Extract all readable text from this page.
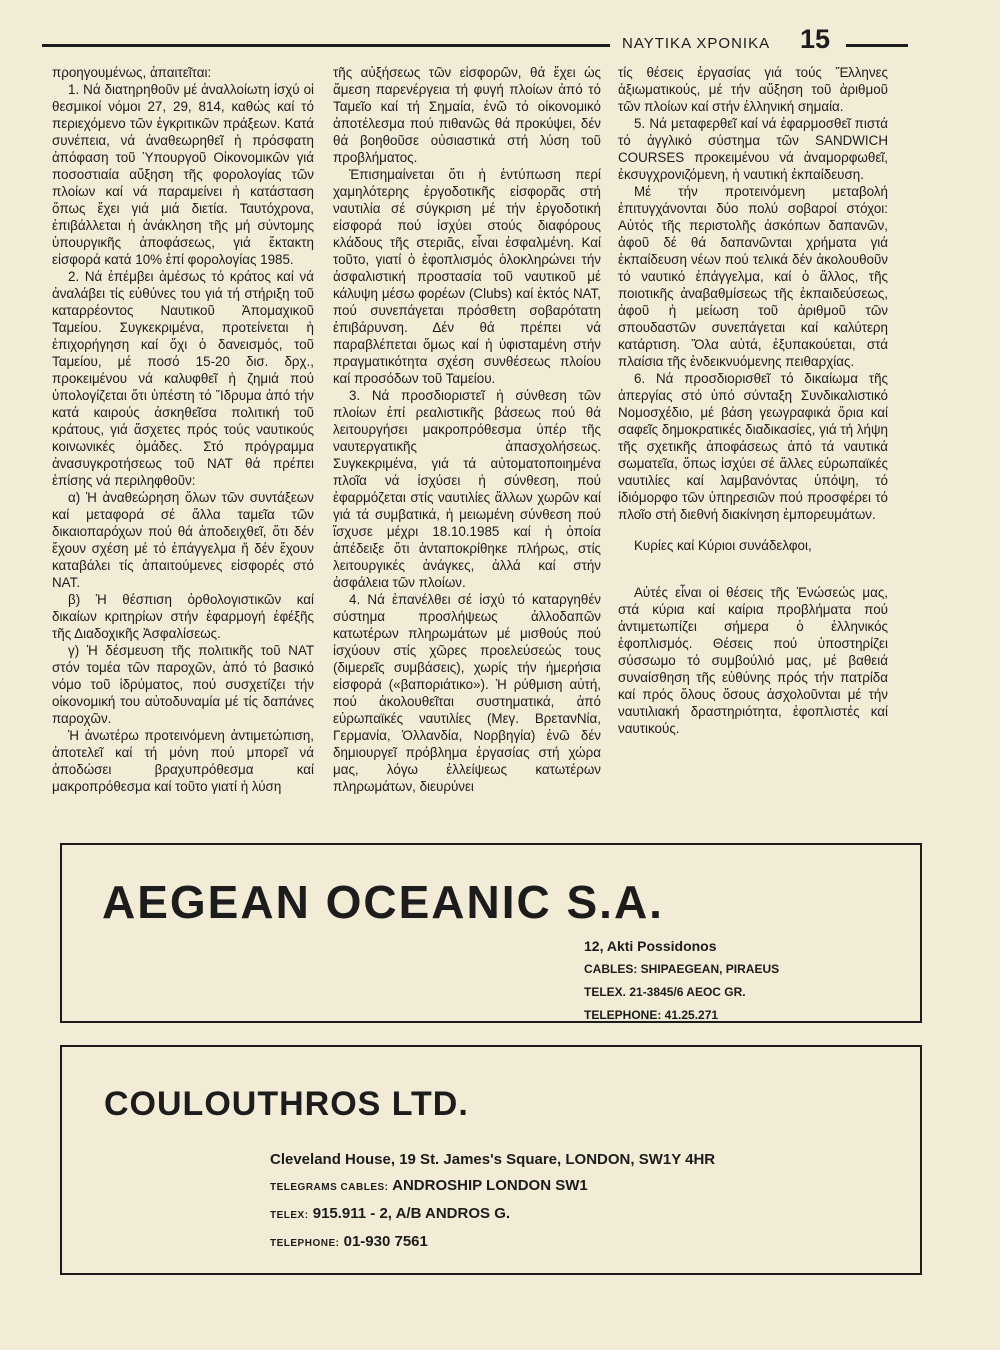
ΝΑΥΤΙΚΑ ΧΡΟΝΙΚΑ 15

προηγουμένως, ἀπαιτεῖται:

1. Νά διατηρηθοῦν μέ ἀναλλοίωτη ἰσχύ οἱ θεσμικοί νόμοι 27, 29, 814, καθώς καί τό περιεχόμενο τῶν ἐγκριτικῶν πράξεων. Κατά συνέπεια, νά ἀναθεωρηθεῖ ἡ πρόσφατη ἀπόφαση τοῦ Ὑπουργοῦ Οἰκονομικῶν γιά ποσοστιαία αὔξηση τῆς φορολογίας τῶν πλοίων καί νά παραμείνει ἡ κατάσταση ὅπως ἔχει γιά μιά διετία. Ταυτόχρονα, ἐπιβάλλεται ἡ ἀνάκληση τῆς μή σύντομης ὑπουργικῆς ἀποφάσεως, γιά ἔκτακτη εἰσφορά κατά 10% ἐπί φορολογίας 1985.

2. Νά ἐπέμβει ἀμέσως τό κράτος καί νά ἀναλάβει τίς εὐθύνες του γιά τή στήριξη τοῦ καταρρέοντος Ναυτικοῦ Ἀπομαχικοῦ Ταμείου. Συγκεκριμένα, προτείνεται ἡ ἐπιχορήγηση καί ὄχι ὁ δανεισμός, τοῦ Ταμείου, μέ ποσό 15-20 δισ. δρχ., προκειμένου νά καλυφθεῖ ἡ ζημιά πού ὑπολογίζεται ὅτι ὑπέστη τό Ἵδρυμα ἀπό τήν κατά καιρούς ἀσκηθεῖσα πολιτική τοῦ κράτους, γιά ἄσχετες πρός τούς ναυτικούς κοινωνικές ὁμάδες. Στό πρόγραμμα ἀνασυγκροτήσεως τοῦ ΝΑΤ θά πρέπει ἐπίσης νά περιληφθοῦν:

α) Ἡ ἀναθεώρηση ὅλων τῶν συντάξεων καί μεταφορά σέ ἄλλα ταμεῖα τῶν δικαιοπαρόχων πού θά ἀποδειχθεῖ, ὅτι δέν ἔχουν σχέση μέ τό ἐπάγγελμα ἤ δέν ἔχουν καταβάλει τίς ἀπαιτούμενες εἰσφορές στό ΝΑΤ.

β) Ἡ θέσπιση ὀρθολογιστικῶν καί δικαίων κριτηρίων στήν ἐφαρμογή ἐφέξῆς τῆς Διαδοχικῆς Ἀσφαλίσεως.

γ) Ἡ δέσμευση τῆς πολιτικῆς τοῦ ΝΑΤ στόν τομέα τῶν παροχῶν, ἀπό τό βασικό νόμο τοῦ ἱδρύματος, πού συσχετίζει τήν οἰκονομική του αὐτοδυναμία μέ τίς δαπάνες παροχῶν.

Ἡ ἀνωτέρω προτεινόμενη ἀντιμετώπιση, ἀποτελεῖ καί τή μόνη πού μπορεῖ νά ἀποδώσει βραχυπρόθεσμα καί μακροπρόθεσμα καί τοῦτο γιατί ἡ λύση

τῆς αὐξήσεως τῶν εἰσφορῶν, θά ἔχει ὡς ἄμεση παρενέργεια τή φυγή πλοίων ἀπό τό Ταμεῖο καί τή Σημαία, ἐνῶ τό οἰκονομικό ἀποτέλεσμα πού πιθανῶς θά προκύψει, δέν θά βοηθοῦσε οὐσιαστικά στή λύση τοῦ προβλήματος.

Ἐπισημαίνεται ὅτι ἡ ἐντύπωση περί χαμηλότερης ἐργοδοτικῆς εἰσφορᾶς στή ναυτιλία σέ σύγκριση μέ τήν ἐργοδοτική εἰσφορά πού ἰσχύει στούς διαφόρους κλάδους τῆς στεριᾶς, εἶναι ἐσφαλμένη. Καί τοῦτο, γιατί ὁ ἐφοπλισμός ὁλοκληρώνει τήν ἀσφαλιστική προστασία τοῦ ναυτικοῦ μέ κάλυψη μέσω φορέων (Clubs) καί ἐκτός ΝΑΤ, πού συνεπάγεται πρόσθετη σοβαρότατη ἐπιβάρυνση. Δέν θά πρέπει νά παραβλέπεται ὅμως καί ἡ ὑφισταμένη στήν πραγματικότητα σχέση συνθέσεως πλοίου καί προσόδων τοῦ Ταμείου.

3. Νά προσδιοριστεῖ ἡ σύνθεση τῶν πλοίων ἐπί ρεαλιστικῆς βάσεως πού θά λειτουργήσει μακροπρόθεσμα ὑπέρ τῆς ναυτεργατικῆς ἀπασχολήσεως. Συγκεκριμένα, γιά τά αὐτοματοποιημένα πλοῖα νά ἰσχύσει ἡ σύνθεση, πού ἐφαρμόζεται στίς ναυτιλίες ἄλλων χωρῶν καί γιά τά συμβατικά, ἡ μειωμένη σύνθεση πού ἴσχυσε μέχρι 18.10.1985 καί ἡ ὁποία ἀπέδειξε ὅτι ἀνταποκρίθηκε πλήρως, στίς λειτουργικές ἀνάγκες, ἀλλά καί στήν ἀσφάλεια τῶν πλοίων.

4. Νά ἐπανέλθει σέ ἰσχύ τό καταργηθέν σύστημα προσλήψεως ἀλλοδαπῶν κατωτέρων πληρωμάτων μέ μισθούς πού ἰσχύουν στίς χῶρες προελεύσεώς τους (διμερεῖς συμβάσεις), χωρίς τήν ἡμερήσια εἰσφορά («βαποριάτικο»). Ἡ ρύθμιση αὐτή, πού ἀκολουθεῖται συστηματικά, ἀπό εὐρωπαϊκές ναυτιλίες (Μεγ. ΒρετανNία, Γερμανία, Ὀλλανδία, Νορβηγία) ἐνῶ δέν δημιουργεῖ πρόβλημα ἐργασίας στή χώρα μας, λόγω ἐλλείψεως κατωτέρων πληρωμάτων, διευρύνει

τίς θέσεις ἐργασίας γιά τούς Ἕλληνες ἀξιωματικούς, μέ τήν αὔξηση τοῦ ἀριθμοῦ τῶν πλοίων καί στήν ἑλληνική σημαία.

5. Νά μεταφερθεῖ καί νά ἐφαρμοσθεῖ πιστά τό ἀγγλικό σύστημα τῶν SANDWICH COURSES προκειμένου νά ἀναμορφωθεῖ, ἐκσυγχρονιζόμενη, ἡ ναυτική ἐκπαίδευση.

Μέ τήν προτεινόμενη μεταβολή ἐπιτυγχάνονται δύο πολύ σοβαροί στόχοι: Αὐτός τῆς περιστολῆς ἀσκόπων δαπανῶν, ἀφοῦ δέ θά δαπανῶνται χρήματα γιά ἐκπαίδευση νέων πού τελικά δέν ἀκολουθοῦν τό ναυτικό ἐπάγγελμα, καί ὁ ἄλλος, τῆς ποιοτικῆς ἀναβαθμίσεως τῆς ἐκπαιδεύσεως, ἀφοῦ ἡ μείωση τοῦ ἀριθμοῦ τῶν σπουδαστῶν συνεπάγεται καί καλύτερη κατάρτιση. Ὅλα αὐτά, ἐξυπακούεται, στά πλαίσια τῆς ἐνδεικνυόμενης πειθαρχίας.

6. Νά προσδιορισθεῖ τό δικαίωμα τῆς ἀπεργίας στό ὑπό σύνταξη Συνδικαλιστικό Νομοσχέδιο, μέ βάση γεωγραφικά ὅρια καί σαφεῖς δημοκρατικές διαδικασίες, γιά τή λήψη τῆς σχετικῆς ἀποφάσεως ἀπό τά ναυτικά σωματεῖα, ὅπως ἰσχύει σέ ἄλλες εὐρωπαϊκές ναυτιλίες καί λαμβανόντας ὑπόψη, τό ἰδιόμορφο τῶν ὑπηρεσιῶν πού προσφέρει τό πλοῖο στή διεθνή διακίνηση ἐμπορευμάτων.

Κυρίες καί Κύριοι συνάδελφοι,

Αὐτές εἶναι οἱ θέσεις τῆς Ἑνώσεώς μας, στά κύρια καί καίρια προβλήματα πού ἀντιμετωπίζει σήμερα ὁ ἑλληνικός ἐφοπλισμός. Θέσεις πού ὑποστηρίζει σύσσωμο τό συμβούλιό μας, μέ βαθειά συναίσθηση τῆς εὐθύνης πρός τήν πατρίδα καί πρός ὅλους ὅσους ἀσχολοῦνται μέ τήν ναυτιλιακή δραστηριότητα, ἐφοπλιστές καί ναυτικούς.

AEGEAN OCEANIC S.A.
12, Akti Possidonos
CABLES: SHIPAEGEAN, PIRAEUS
TELEX. 21-3845/6 AEOC GR.
TELEPHONE: 41.25.271
COULOUTHROS LTD.
Cleveland House, 19 St. James's Square, LONDON, SW1Y 4HR
TELEGRAMS CABLES: ANDROSHIP LONDON SW1
TELEX: 915.911 - 2, A/B ANDROS G.
TELEPHONE: 01-930 7561
